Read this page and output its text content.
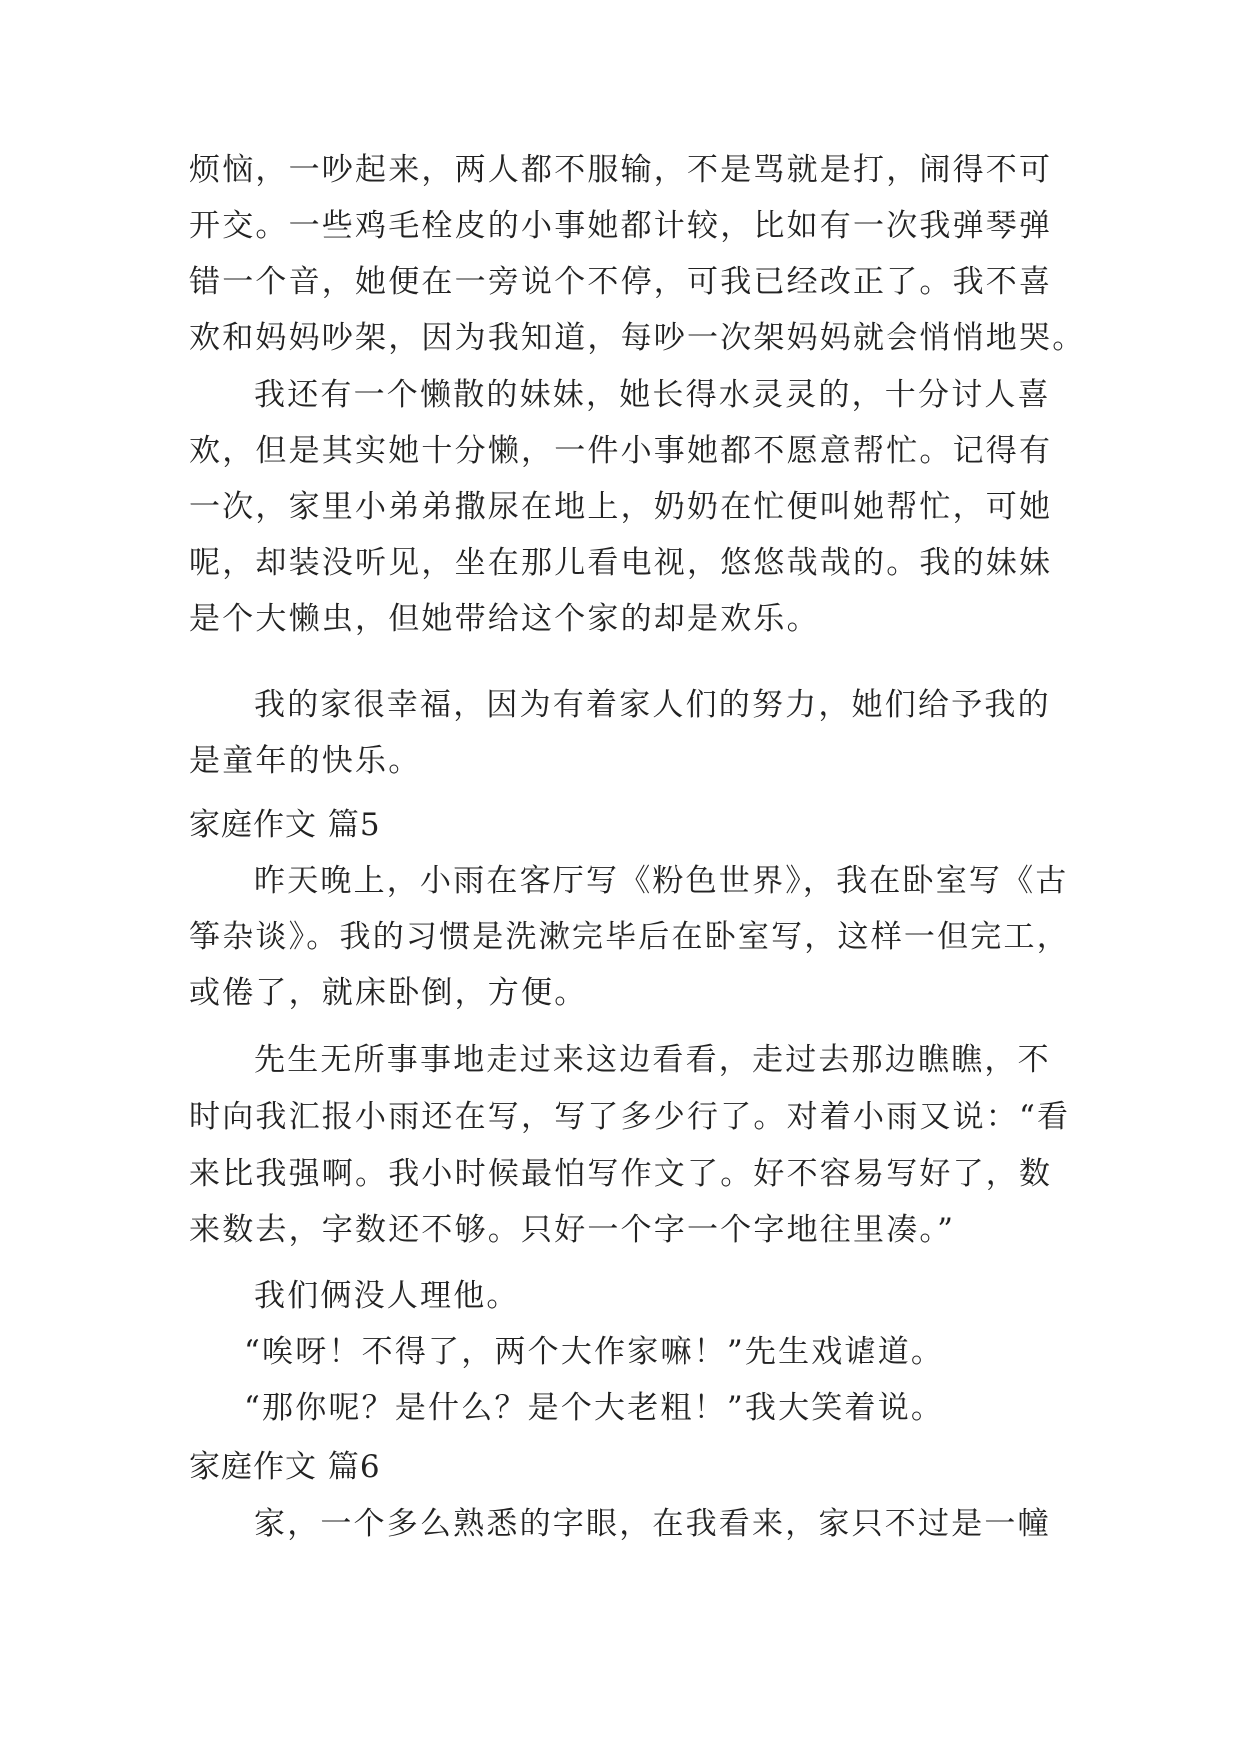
烦恼，一吵起来，两人都不服输，不是骂就是打，闹得不可
开交。一些鸡毛栓皮的小事她都计较，比如有一次我弹琴弹
错一个音，她便在一旁说个不停，可我已经改正了。我不喜
欢和妈妈吵架，因为我知道，每吵一次架妈妈就会悄悄地哭。
我还有一个懒散的妹妹，她长得水灵灵的，十分讨人喜
欢，但是其实她十分懒，一件小事她都不愿意帮忙。记得有
一次，家里小弟弟撒尿在地上，奶奶在忙便叫她帮忙，可她
呢，却装没听见，坐在那儿看电视，悠悠哉哉的。我的妹妹
是个大懒虫，但她带给这个家的却是欢乐。
我的家很幸福，因为有着家人们的努力，她们给予我的
是童年的快乐。
家庭作文 篇5
昨天晚上，小雨在客厅写《粉色世界》，我在卧室写《古
筝杂谈》。我的习惯是洗漱完毕后在卧室写，这样一但完工，
或倦了，就床卧倒，方便。
先生无所事事地走过来这边看看，走过去那边瞧瞧，不
时向我汇报小雨还在写，写了多少行了。对着小雨又说：“看
来比我强啊。我小时候最怕写作文了。好不容易写好了，数
来数去，字数还不够。只好一个字一个字地往里凑。”
我们俩没人理他。
“唉呀！不得了，两个大作家嘛！”先生戏谑道。
“那你呢？是什么？是个大老粗！”我大笑着说。
家庭作文 篇6
家，一个多么熟悉的字眼，在我看来，家只不过是一幢
